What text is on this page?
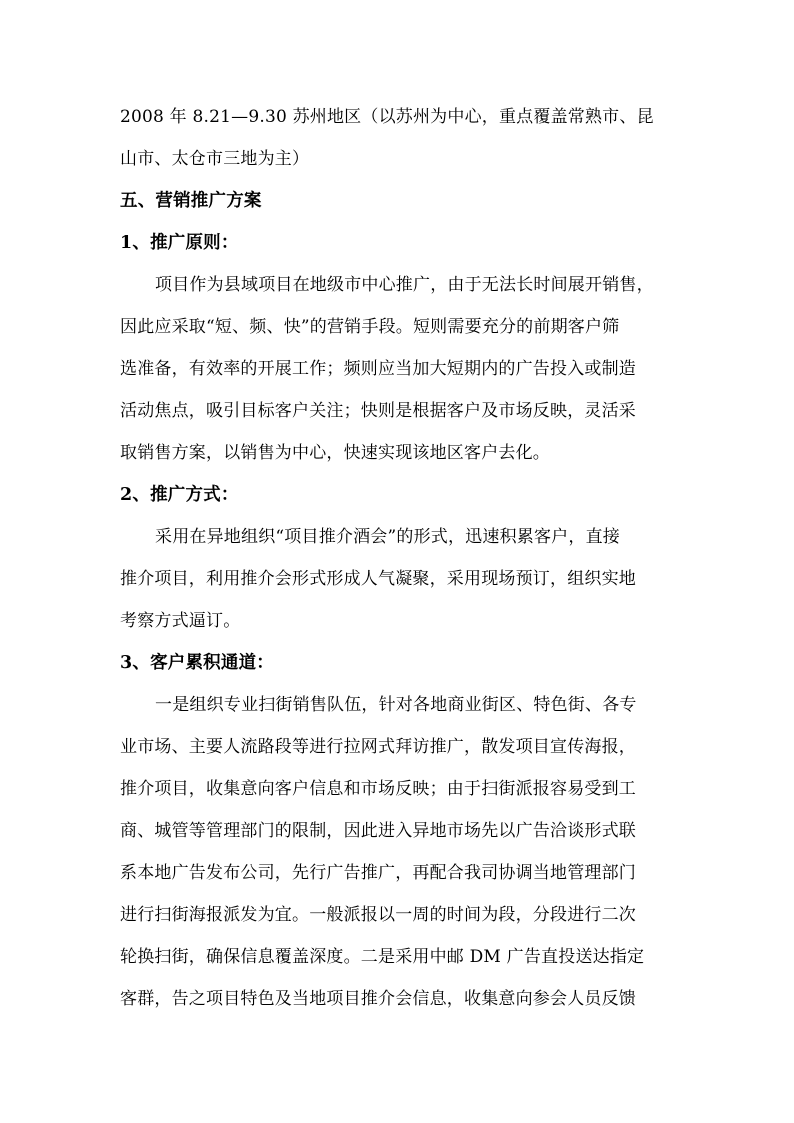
2008 年 8.21—9.30 苏州地区（以苏州为中心，重点覆盖常熟市、昆
山市、太仓市三地为主）
五、营销推广方案
1、推广原则：
项目作为县域项目在地级市中心推广，由于无法长时间展开销售，
因此应采取“短、频、快”的营销手段。短则需要充分的前期客户筛
选准备，有效率的开展工作；频则应当加大短期内的广告投入或制造
活动焦点，吸引目标客户关注；快则是根据客户及市场反映，灵活采
取销售方案，以销售为中心，快速实现该地区客户去化。
2、推广方式：
采用在异地组织“项目推介酒会”的形式，迅速积累客户，直接
推介项目，利用推介会形式形成人气凝聚，采用现场预订，组织实地
考察方式逼订。
3、客户累积通道：
一是组织专业扫街销售队伍，针对各地商业街区、特色街、各专
业市场、主要人流路段等进行拉网式拜访推广，散发项目宣传海报，
推介项目，收集意向客户信息和市场反映；由于扫街派报容易受到工
商、城管等管理部门的限制，因此进入异地市场先以广告洽谈形式联
系本地广告发布公司，先行广告推广，再配合我司协调当地管理部门
进行扫街海报派发为宜。一般派报以一周的时间为段，分段进行二次
轮换扫街，确保信息覆盖深度。二是采用中邮 DM 广告直投送达指定
客群，告之项目特色及当地项目推介会信息，收集意向参会人员反馈
